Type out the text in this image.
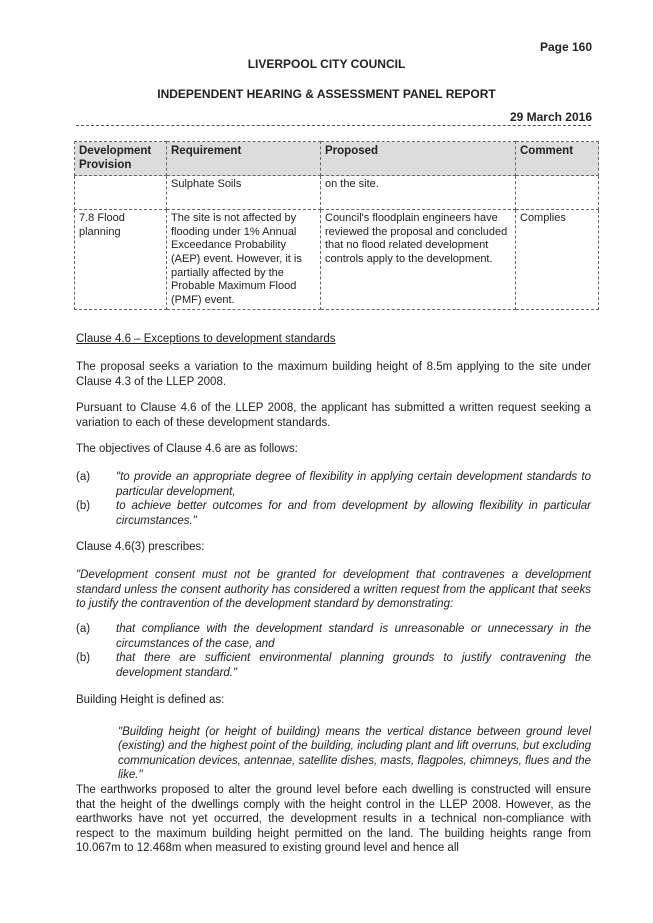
Page 160
LIVERPOOL CITY COUNCIL
INDEPENDENT HEARING & ASSESSMENT PANEL REPORT
29 March 2016
Development Provision	Requirement	Proposed	Comment
	Sulphate Soils	on the site.	
7.8 Flood planning	The site is not affected by flooding under 1% Annual Exceedance Probability (AEP) event. However, it is partially affected by the Probable Maximum Flood (PMF) event.	Council's floodplain engineers have reviewed the proposal and concluded that no flood related development controls apply to the development.	Complies
Clause 4.6 – Exceptions to development standards

The proposal seeks a variation to the maximum building height of 8.5m applying to the site under Clause 4.3 of the LLEP 2008.

Pursuant to Clause 4.6 of the LLEP 2008, the applicant has submitted a written request seeking a variation to each of these development standards.

The objectives of Clause 4.6 are as follows:

(a) "to provide an appropriate degree of flexibility in applying certain development standards to particular development,
(b) to achieve better outcomes for and from development by allowing flexibility in particular circumstances."

Clause 4.6(3) prescribes:

"Development consent must not be granted for development that contravenes a development standard unless the consent authority has considered a written request from the applicant that seeks to justify the contravention of the development standard by demonstrating:

(a) that compliance with the development standard is unreasonable or unnecessary in the circumstances of the case, and
(b) that there are sufficient environmental planning grounds to justify contravening the development standard."

Building Height is defined as:

"Building height (or height of building) means the vertical distance between ground level (existing) and the highest point of the building, including plant and lift overruns, but excluding communication devices, antennae, satellite dishes, masts, flagpoles, chimneys, flues and the like."

The earthworks proposed to alter the ground level before each dwelling is constructed will ensure that the height of the dwellings comply with the height control in the LLEP 2008. However, as the earthworks have not yet occurred, the development results in a technical non-compliance with respect to the maximum building height permitted on the land. The building heights range from 10.067m to 12.468m when measured to existing ground level and hence all
